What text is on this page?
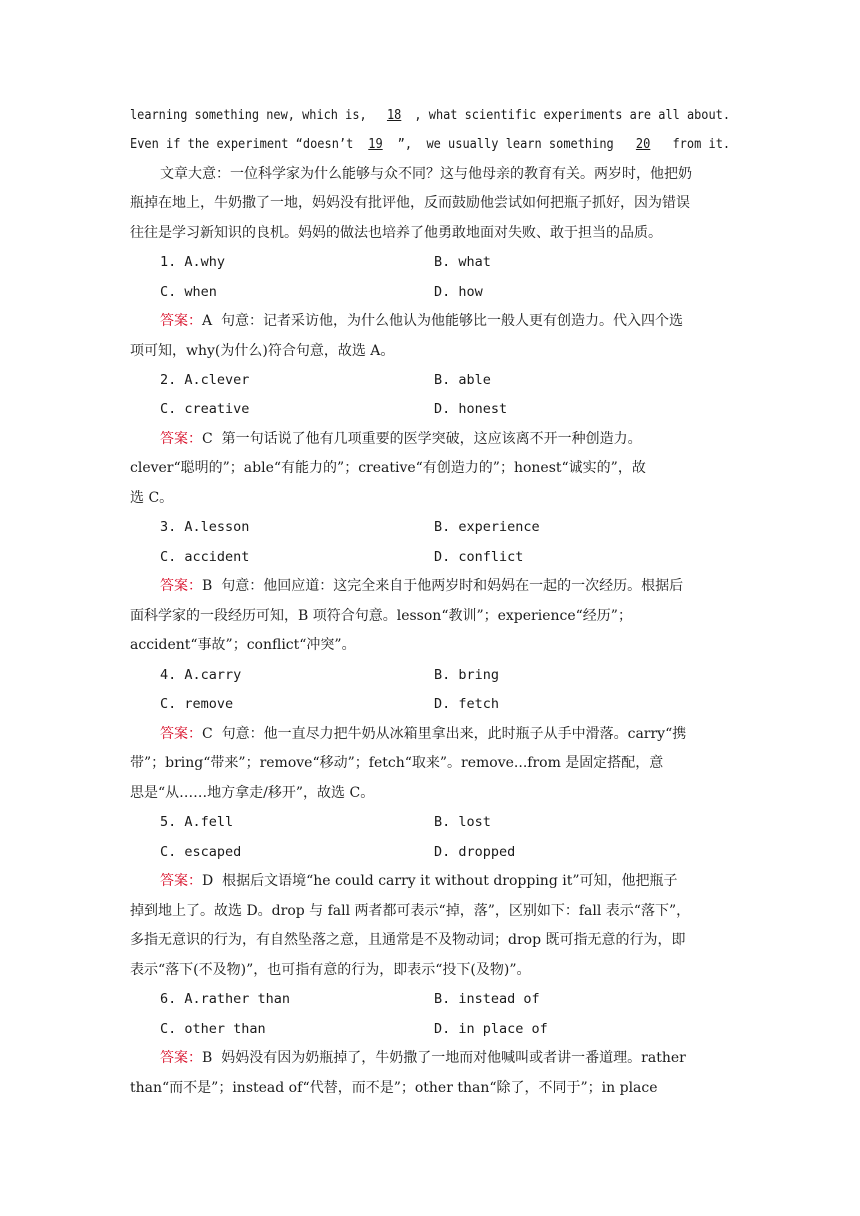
learning something new, which is, 18 , what scientific experiments are all about.
Even if the experiment “doesn’t 19 ”,  we usually learn something 20 from it.
文章大意：一位科学家为什么能够与众不同？这与他母亲的教育有关。两岁时，他把奶
瓶掉在地上，牛奶撒了一地，妈妈没有批评他，反而鼓励他尝试如何把瓶子抓好，因为错误
往往是学习新知识的良机。妈妈的做法也培养了他勇敢地面对失败、敢于担当的品质。
1. A.why	B. what
C. when	D. how
答案：A  句意：记者采访他，为什么他认为他能够比一般人更有创造力。代入四个选
项可知，why(为什么)符合句意，故选 A。
2. A.clever	B. able
C. creative	D. honest
答案：C  第一句话说了他有几项重要的医学突破，这应该离不开一种创造力。
clever“聪明的”；able“有能力的”；creative“有创造力的”；honest“诚实的”，故
选 C。
3. A.lesson	B. experience
C. accident	D. conflict
答案：B  句意：他回应道：这完全来自于他两岁时和妈妈在一起的一次经历。根据后
面科学家的一段经历可知，B 项符合句意。lesson“教训”；experience“经历”；
accident“事故”；conflict“冲突”。
4. A.carry	B. bring
C. remove	D. fetch
答案：C  句意：他一直尽力把牛奶从冰箱里拿出来，此时瓶子从手中滑落。carry“携
带”；bring“带来”；remove“移动”；fetch“取来”。remove...from 是固定搭配，意
思是“从……地方拿走/移开”，故选 C。
5. A.fell	B. lost
C. escaped	D. dropped
答案：D  根据后文语境“he could carry it without dropping it”可知，他把瓶子
掉到地上了。故选 D。drop 与 fall 两者都可表示“掉，落”，区别如下：fall 表示“落下”，
多指无意识的行为，有自然坠落之意，且通常是不及物动词；drop 既可指无意的行为，即
表示“落下(不及物)”，也可指有意的行为，即表示“投下(及物)”。
6. A.rather than	B. instead of
C. other than	D. in place of
答案：B  妈妈没有因为奶瓶掉了，牛奶撒了一地而对他喊叫或者讲一番道理。rather
than“而不是”；instead of“代替，而不是”；other than“除了，不同于”；in place
